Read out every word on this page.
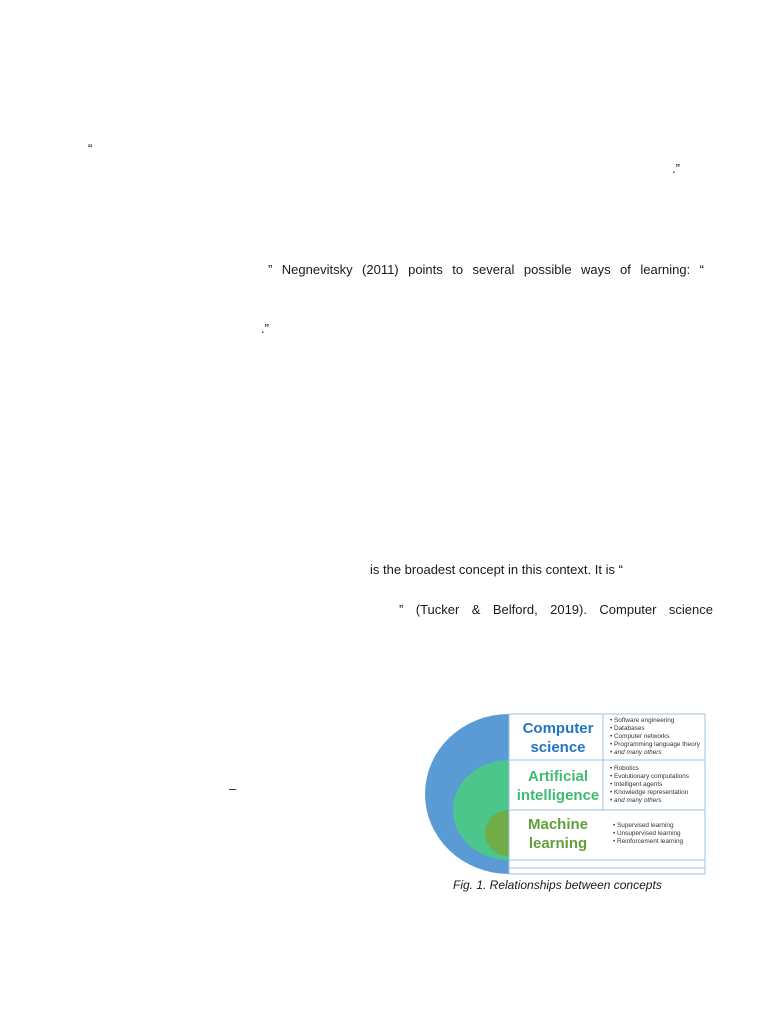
“
.”
” Negnevitsky (2011) points to several possible ways of learning: “
.”
is the broadest concept in this context. It is “
” (Tucker & Belford, 2019). Computer science
–
Computer
science
• Software engineering
• Databases
• Computer networks
• Programming language theory
• and many others
Artificial
intelligence
• Robotics
• Evolutionary computations
• Intelligent agents
• Knowledge representation
• and many others
Machine
learning
• Supervised learning
• Unsupervised learning
• Reinforcement learning
Fig. 1. Relationships between concepts
